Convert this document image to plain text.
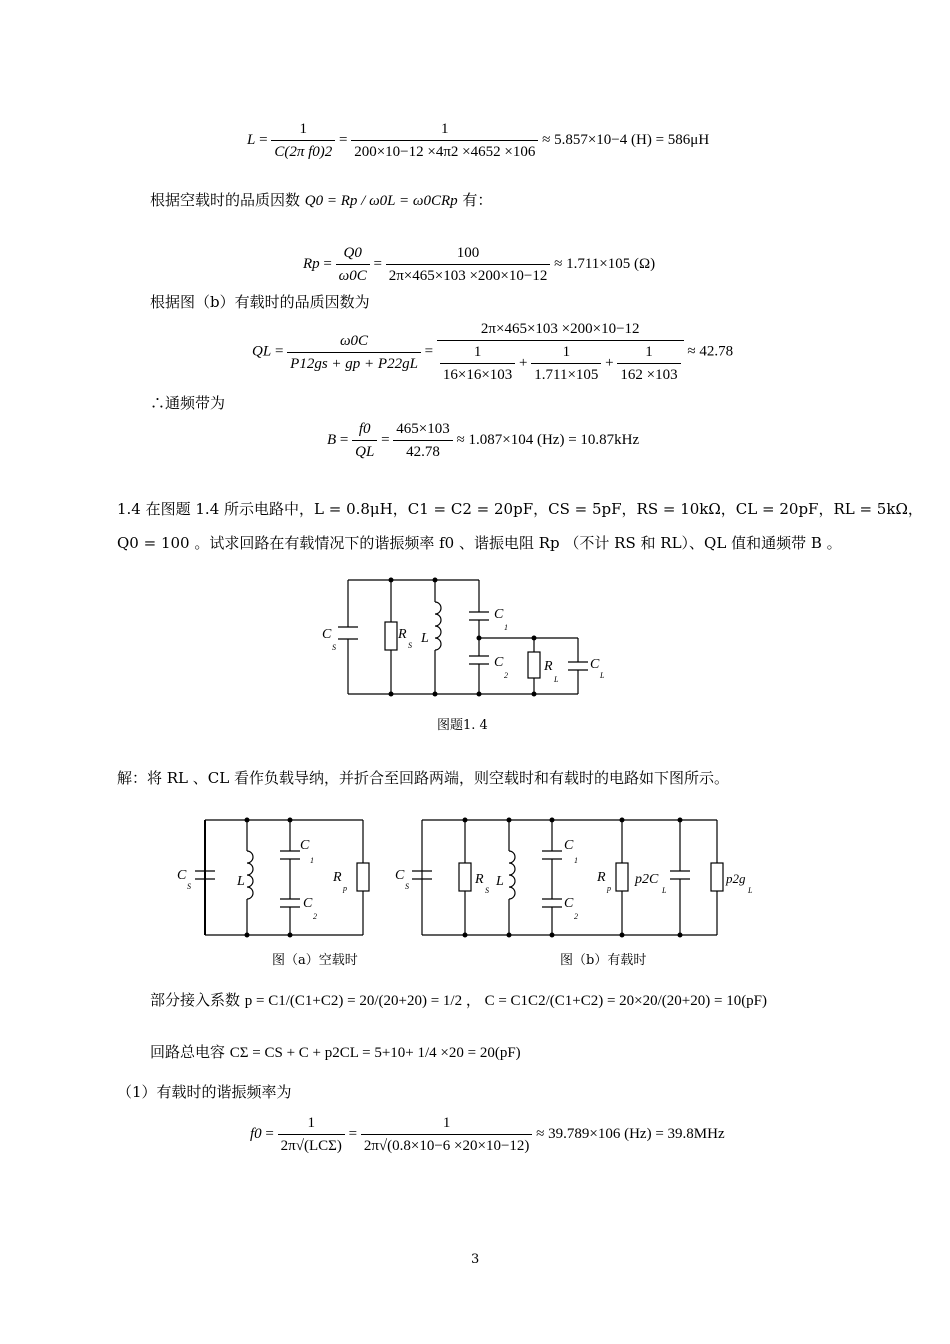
$L = \frac{1}{\text{C(2π f0)2}} = \frac{1}{200\times 10-12 \times 4\pi 2 \times 4652 \times 106} \approx 5.857\times 10-4$ (H) = 586μH
根据空载时的品质因数 Q0 = Rp / ω0L = ω0CRp 有：
$Rp = \frac{Q0}{\omega 0C} = \frac{100}{2\pi\times 465\times 103 \times 200\times 10-12} \approx 1.711\times 105$ (Ω)
根据图（b）有载时的品质因数为
QL = $\frac{\omega 0C}{P12gs + gp + P22gL} = \frac{2\pi\times 465\times 103 \times 200\times 10-12}{\frac{1}{16\times 16\times 103} + \frac{1}{1.711\times 105} + \frac{1}{162 \times 103}} \approx 42.78$
∴通频带为
$B = \frac{f0}{QL} = \frac{465\times 103}{42.78} \approx 1.087\times 104$ (Hz) = 10.87kHz
1.4 在图题 1.4 所示电路中，L = 0.8μH，C1 = C2 = 20pF，CS = 5pF，RS = 10kΩ，CL = 20pF，RL = 5kΩ，
Q0 = 100 。试求回路在有载情况下的谐振频率 f0 、谐振电阻 Rp （不计 RS 和 RL）、QL 值和通频带 B 。
C
S
R
S L
C
1
C
2
R
L
C
L
图题1. 4
解：将 RL 、CL 看作负载导纳，并折合至回路两端，则空载时和有载时的电路如下图所示。
C
S	L
C
1
C
2
R
p
图（a）空载时
C
S	R
S
L
C
1
C
2
R
p
p2C
L
p2g
L
图（b）有载时
部分接入系数 p = C1/(C1+C2) = 20/(20+20) = 1/2 ， C = C1C2/(C1+C2) = 20×20/(20+20) = 10(pF)
回路总电容 CΣ = CS + C + p2CL = 5+10+ 1/4 ×20 = 20(pF)
（1）有载时的谐振频率为
$f0 = \frac{1}{\text{2π√(LCΣ)}} = \frac{1}{2\pi√(0.8\times 10-6 \times 20\times 10-12)} \approx 39.789\times 106$ (Hz) = 39.8MHz
3
